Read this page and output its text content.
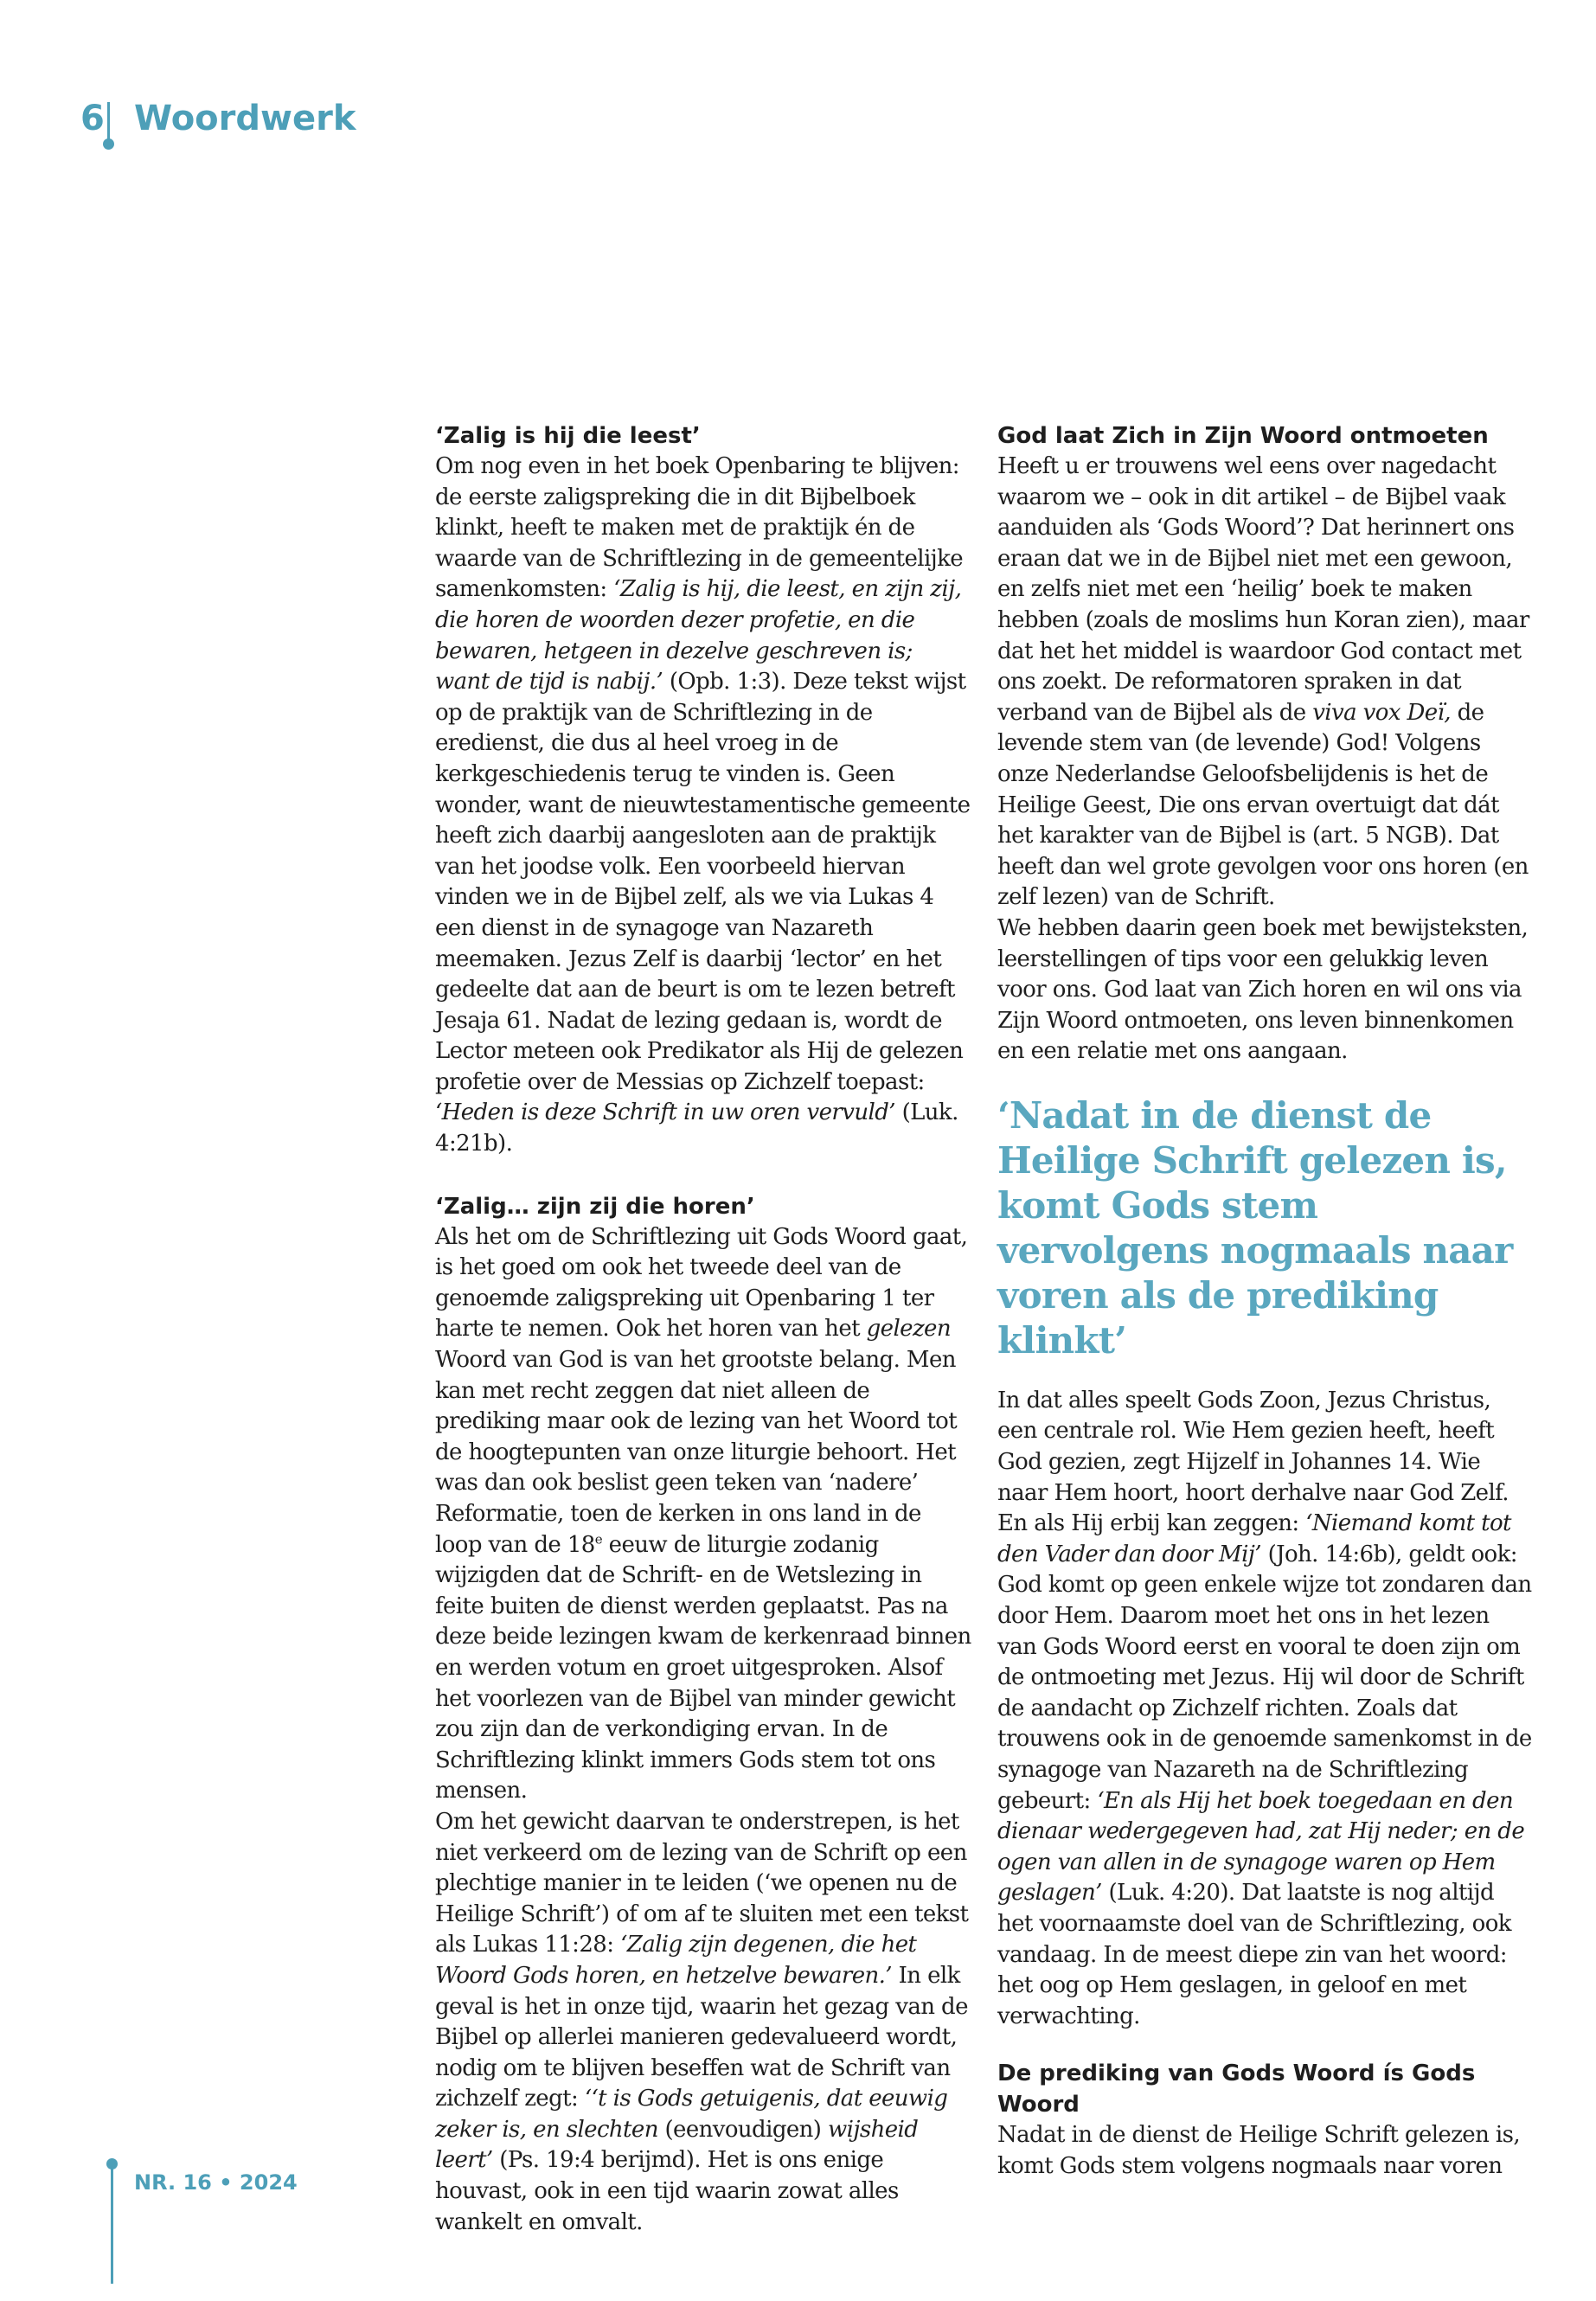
6 Woordwerk
‘Zalig is hij die leest’

Om nog even in het boek Openbaring te blijven: de eerste zaligspreking die in dit Bijbelboek klinkt, heeft te maken met de praktijk én de waarde van de Schriftlezing in de gemeentelijke samenkomsten: ‘Zalig is hij, die leest, en zijn zij, die horen de woorden dezer profetie, en die bewaren, hetgeen in dezelve geschreven is; want de tijd is nabij.’ (Opb. 1:3). Deze tekst wijst op de praktijk van de Schriftlezing in de eredienst, die dus al heel vroeg in de kerkgeschiedenis terug te vinden is. Geen wonder, want de nieuwtestamentische gemeente heeft zich daarbij aangesloten aan de praktijk van het joodse volk. Een voorbeeld hiervan vinden we in de Bijbel zelf, als we via Lukas 4 een dienst in de synagoge van Nazareth meemaken. Jezus Zelf is daarbij ‘lector’ en het gedeelte dat aan de beurt is om te lezen betreft Jesaja 61. Nadat de lezing gedaan is, wordt de Lector meteen ook Predikator als Hij de gelezen profetie over de Messias op Zichzelf toepast: ‘Heden is deze Schrift in uw oren vervuld’ (Luk. 4:21b).

‘Zalig… zijn zij die horen’

Als het om de Schriftlezing uit Gods Woord gaat, is het goed om ook het tweede deel van de genoemde zaligspreking uit Openbaring 1 ter harte te nemen. Ook het horen van het gelezen Woord van God is van het grootste belang. Men kan met recht zeggen dat niet alleen de prediking maar ook de lezing van het Woord tot de hoogtepunten van onze liturgie behoort. Het was dan ook beslist geen teken van ‘nadere’ Reformatie, toen de kerken in ons land in de loop van de 18e eeuw de liturgie zodanig wijzigden dat de Schrift- en de Wetslezing in feite buiten de dienst werden geplaatst. Pas na deze beide lezingen kwam de kerkenraad binnen en werden votum en groet uitgesproken. Alsof het voorlezen van de Bijbel van minder gewicht zou zijn dan de verkondiging ervan. In de Schriftlezing klinkt immers Gods stem tot ons mensen.

Om het gewicht daarvan te onderstrepen, is het niet verkeerd om de lezing van de Schrift op een plechtige manier in te leiden (‘we openen nu de Heilige Schrift’) of om af te sluiten met een tekst als Lukas 11:28: ‘Zalig zijn degenen, die het Woord Gods horen, en hetzelve bewaren.’ In elk geval is het in onze tijd, waarin het gezag van de Bijbel op allerlei manieren gedevalueerd wordt, nodig om te blijven beseffen wat de Schrift van zichzelf zegt: ‘‘t is Gods getuigenis, dat eeuwig zeker is, en slechten (eenvoudigen) wijsheid leert’ (Ps. 19:4 berijmd). Het is ons enige houvast, ook in een tijd waarin zowat alles wankelt en omvalt.

God laat Zich in Zijn Woord ontmoeten

Heeft u er trouwens wel eens over nagedacht waarom we – ook in dit artikel – de Bijbel vaak aanduiden als ‘Gods Woord’? Dat herinnert ons eraan dat we in de Bijbel niet met een gewoon, en zelfs niet met een ‘heilig’ boek te maken hebben (zoals de moslims hun Koran zien), maar dat het het middel is waardoor God contact met ons zoekt. De reformatoren spraken in dat verband van de Bijbel als de viva vox Deï, de levende stem van (de levende) God! Volgens onze Nederlandse Geloofsbelijdenis is het de Heilige Geest, Die ons ervan overtuigt dat dát het karakter van de Bijbel is (art. 5 NGB). Dat heeft dan wel grote gevolgen voor ons horen (en zelf lezen) van de Schrift.

We hebben daarin geen boek met bewijsteksten, leerstellingen of tips voor een gelukkig leven voor ons. God laat van Zich horen en wil ons via Zijn Woord ontmoeten, ons leven binnenkomen en een relatie met ons aangaan.

‘Nadat in de dienst de Heilige Schrift gelezen is, komt Gods stem vervolgens nogmaals naar voren als de prediking klinkt’

In dat alles speelt Gods Zoon, Jezus Christus, een centrale rol. Wie Hem gezien heeft, heeft God gezien, zegt Hijzelf in Johannes 14. Wie naar Hem hoort, hoort derhalve naar God Zelf. En als Hij erbij kan zeggen: ‘Niemand komt tot den Vader dan door Mij’ (Joh. 14:6b), geldt ook: God komt op geen enkele wijze tot zondaren dan door Hem. Daarom moet het ons in het lezen van Gods Woord eerst en vooral te doen zijn om de ontmoeting met Jezus. Hij wil door de Schrift de aandacht op Zichzelf richten. Zoals dat trouwens ook in de genoemde samenkomst in de synagoge van Nazareth na de Schriftlezing gebeurt: ‘En als Hij het boek toegedaan en den dienaar wedergegeven had, zat Hij neder; en de ogen van allen in de synagoge waren op Hem geslagen’ (Luk. 4:20). Dat laatste is nog altijd het voornaamste doel van de Schriftlezing, ook vandaag. In de meest diepe zin van het woord: het oog op Hem geslagen, in geloof en met verwachting.

De prediking van Gods Woord ís Gods Woord

Nadat in de dienst de Heilige Schrift gelezen is, komt Gods stem volgens nogmaals naar voren

NR. 16 • 2024
